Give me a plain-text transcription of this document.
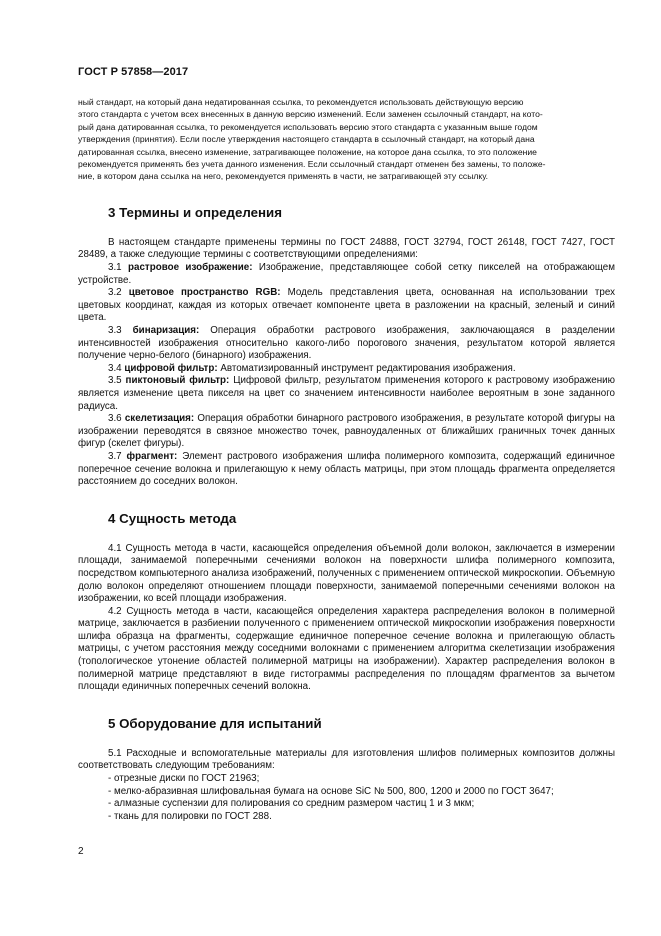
ГОСТ Р 57858—2017

ный стандарт, на который дана недатированная ссылка, то рекомендуется использовать действующую версию
этого стандарта с учетом всех внесенных в данную версию изменений. Если заменен ссылочный стандарт, на кото-
рый дана датированная ссылка, то рекомендуется использовать версию этого стандарта с указанным выше годом
утверждения (принятия). Если после утверждения настоящего стандарта в ссылочный стандарт, на который дана
датированная ссылка, внесено изменение, затрагивающее положение, на которое дана ссылка, то это положение
рекомендуется применять без учета данного изменения. Если ссылочный стандарт отменен без замены, то положе-
ние, в котором дана ссылка на него, рекомендуется применять в части, не затрагивающей эту ссылку.

3 Термины и определения

В настоящем стандарте применены термины по ГОСТ 24888, ГОСТ 32794, ГОСТ 26148, ГОСТ 7427, ГОСТ 28489, а также следующие термины с соответствующими определениями:

3.1 растровое изображение: Изображение, представляющее собой сетку пикселей на отображающем устройстве.

3.2 цветовое пространство RGB: Модель представления цвета, основанная на использовании трех цветовых координат, каждая из которых отвечает компоненте цвета в разложении на красный, зеленый и синий цвета.

3.3 бинаризация: Операция обработки растрового изображения, заключающаяся в разделении интенсивностей изображения относительно какого-либо порогового значения, результатом которой является получение черно-белого (бинарного) изображения.

3.4 цифровой фильтр: Автоматизированный инструмент редактирования изображения.

3.5 пиктоновый фильтр: Цифровой фильтр, результатом применения которого к растровому изображению является изменение цвета пикселя на цвет со значением интенсивности наиболее вероятным в зоне заданного радиуса.

3.6 скелетизация: Операция обработки бинарного растрового изображения, в результате которой фигуры на изображении переводятся в связное множество точек, равноудаленных от ближайших граничных точек данных фигур (скелет фигуры).

3.7 фрагмент: Элемент растрового изображения шлифа полимерного композита, содержащий единичное поперечное сечение волокна и прилегающую к нему область матрицы, при этом площадь фрагмента определяется расстоянием до соседних волокон.

4 Сущность метода

4.1 Сущность метода в части, касающейся определения объемной доли волокон, заключается в измерении площади, занимаемой поперечными сечениями волокон на поверхности шлифа полимерного композита, посредством компьютерного анализа изображений, полученных с применением оптической микроскопии. Объемную долю волокон определяют отношением площади поверхности, занимаемой поперечными сечениями волокон на изображении, ко всей площади изображения.

4.2 Сущность метода в части, касающейся определения характера распределения волокон в полимерной матрице, заключается в разбиении полученного с применением оптической микроскопии изображения поверхности шлифа образца на фрагменты, содержащие единичное поперечное сечение волокна и прилегающую область матрицы, с учетом расстояния между соседними волокнами с применением алгоритма скелетизации изображения (топологическое утонение областей полимерной матрицы на изображении). Характер распределения волокон в полимерной матрице представляют в виде гистограммы распределения по площадям фрагментов за вычетом площади единичных поперечных сечений волокна.

5 Оборудование для испытаний

5.1 Расходные и вспомогательные материалы для изготовления шлифов полимерных композитов должны соответствовать следующим требованиям:

- отрезные диски по ГОСТ 21963;

- мелко-абразивная шлифовальная бумага на основе SiC № 500, 800, 1200 и 2000 по ГОСТ 3647;

- алмазные суспензии для полирования со средним размером частиц 1 и 3 мкм;

- ткань для полировки по ГОСТ 288.

2
